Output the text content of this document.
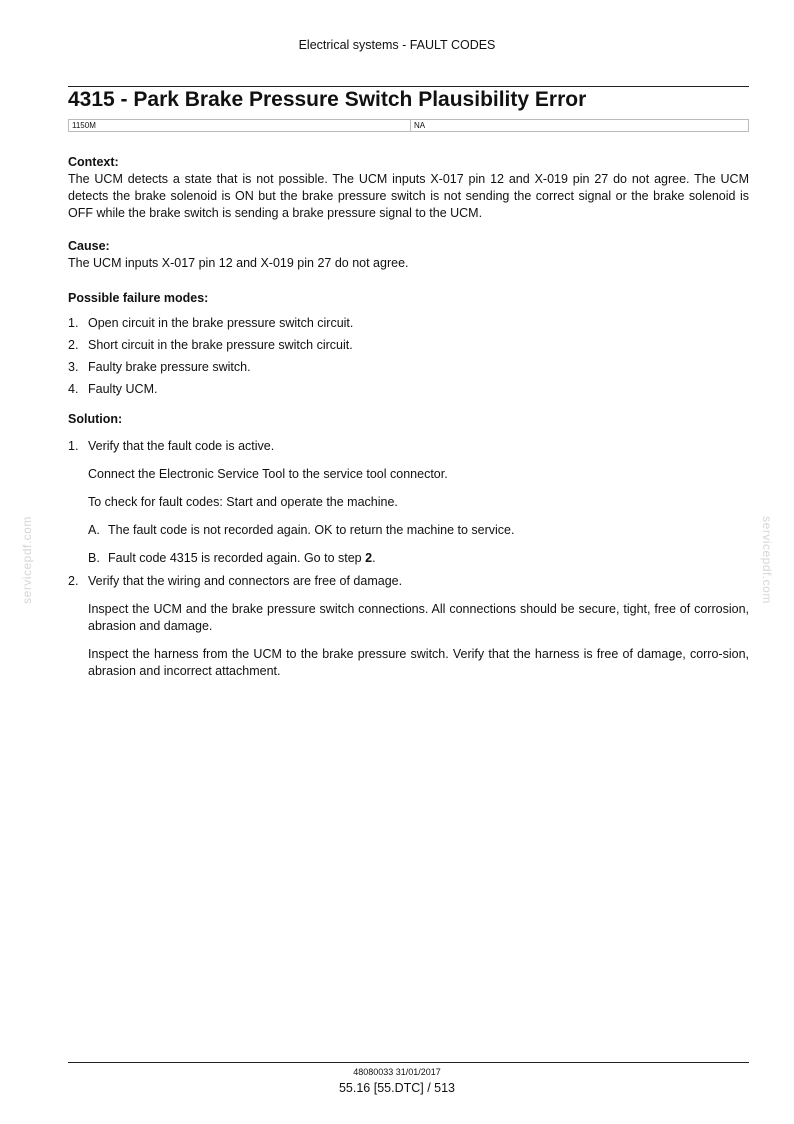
Electrical systems - FAULT CODES
4315 - Park Brake Pressure Switch Plausibility Error
1150M	NA

Context:

The UCM detects a state that is not possible. The UCM inputs X-017 pin 12 and X-019 pin 27 do not agree. The UCM detects the brake solenoid is ON but the brake pressure switch is not sending the correct signal or the brake solenoid is OFF while the brake switch is sending a brake pressure signal to the UCM.

Cause:

The UCM inputs X-017 pin 12 and X-019 pin 27 do not agree.

Possible failure modes:

1. Open circuit in the brake pressure switch circuit.
2. Short circuit in the brake pressure switch circuit.
3. Faulty brake pressure switch.
4. Faulty UCM.

Solution:

1. Verify that the fault code is active.

Connect the Electronic Service Tool to the service tool connector.

To check for fault codes: Start and operate the machine.

A. The fault code is not recorded again. OK to return the machine to service.
B. Fault code 4315 is recorded again. Go to step 2.
2. Verify that the wiring and connectors are free of damage.

Inspect the UCM and the brake pressure switch connections. All connections should be secure, tight, free of corrosion, abrasion and damage.

Inspect the harness from the UCM to the brake pressure switch. Verify that the harness is free of damage, corro-sion, abrasion and incorrect attachment.

servicepdf.com	servicepdf.com
48080033 31/01/2017
55.16 [55.DTC] / 513
